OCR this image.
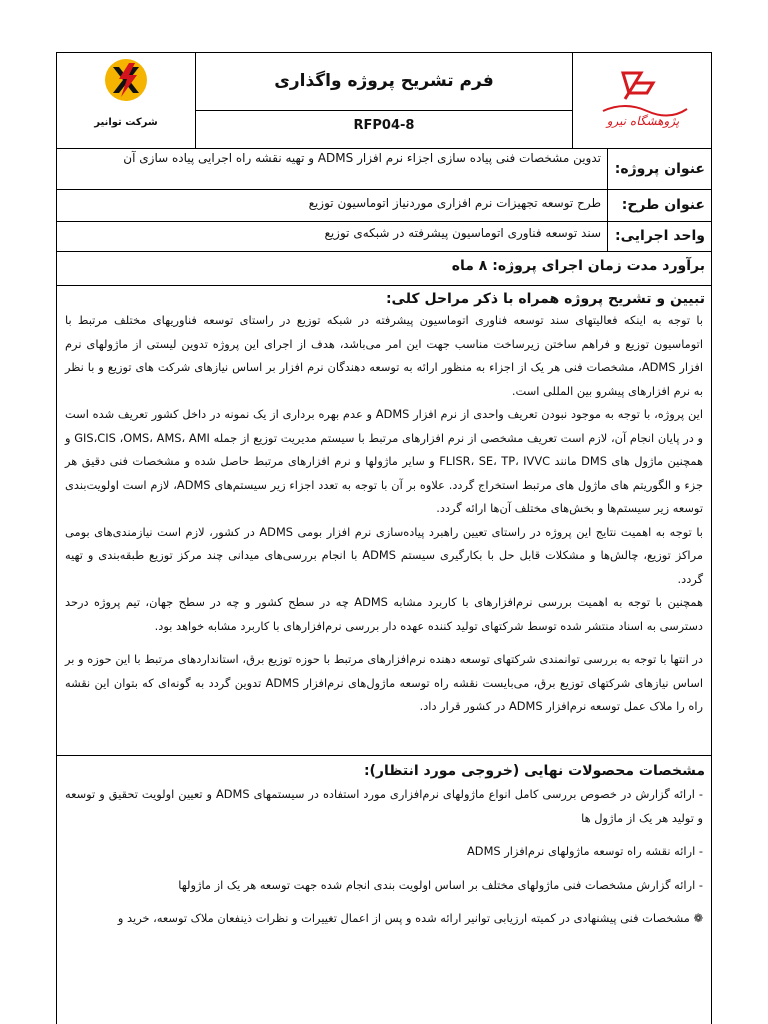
شرکت توانیر
فرم تشریح پروژه واگذاری
RFP04-8	پژوهشگاه نیرو
عنوان پروژه:
تدوین مشخصات فنی پیاده سازی اجزاء نرم افزار ADMS و تهیه نقشه راه اجرایی پیاده سازی آن
عنوان طرح:
طرح توسعه تجهیزات نرم افزاری موردنیاز اتوماسیون توزیع
واحد اجرایی:
سند توسعه فناوری اتوماسیون پیشرفته در شبکه‌ی توزیع
برآورد مدت زمان اجرای پروژه: ۸ ماه
تبیین و تشریح پروژه همراه با ذکر مراحل کلی:

با توجه به اینکه فعالیتهای سند توسعه فناوری اتوماسیون پیشرفته در شبکه توزیع در راستای توسعه فناوریهای مختلف مرتبط با اتوماسیون توزیع و فراهم ساختن زیرساخت مناسب جهت این امر می‌باشد، هدف از اجرای این پروژه تدوین لیستی از ماژولهای نرم افزار ADMS، مشخصات فنی هر یک از اجزاء به منظور ارائه به توسعه دهندگان نرم افزار بر اساس نیازهای شرکت های توزیع و با نظر به نرم افزارهای پیشرو بین المللی است.

این پروژه، با توجه به موجود نبودن تعریف واحدی از نرم افزار ADMS و عدم بهره برداری از یک نمونه در داخل کشور تعریف شده است و در پایان انجام آن، لازم است تعریف مشخصی از نرم افزارهای مرتبط با سیستم مدیریت توزیع از جمله GIS،CIS ،OMS، AMS، AMI و همچنین ماژول های DMS مانند FLISR، SE، TP، IVVC و سایر ماژولها و نرم افزارهای مرتبط حاصل شده و مشخصات فنی دقیق هر جزء و الگوریتم های ماژول های مرتبط استخراج گردد. علاوه بر آن با توجه به تعدد اجزاء زیر سیستم‌های ADMS، لازم است اولویت‌بندی توسعه زیر سیستم‌ها و بخش‌های مختلف آن‌ها ارائه گردد.

با توجه به اهمیت نتایج این پروژه در راستای تعیین راهبرد پیاده‌سازی نرم افزار بومی ADMS در کشور، لازم است نیازمندی‌های بومی مراکز توزیع، چالش‌ها و مشکلات قابل حل با بکارگیری سیستم ADMS با انجام بررسی‌های میدانی چند مرکز توزیع طبقه‌بندی و تهیه گردد.

همچنین با توجه به اهمیت بررسی نرم‌افزارهای با کاربرد مشابه ADMS چه در سطح کشور و چه در سطح جهان، تیم پروژه درحد دسترسی به اسناد منتشر شده توسط شرکتهای تولید کننده عهده دار بررسی نرم‌افزارهای با کاربرد مشابه خواهد بود.

در انتها با توجه به بررسی توانمندی شرکتهای توسعه دهنده نرم‌افزارهای مرتبط با حوزه توزیع برق، استانداردهای مرتبط با این حوزه و بر اساس نیازهای شرکتهای توزیع برق، می‌بایست نقشه راه توسعه ماژول‌های نرم‌افزار ADMS تدوین گردد به گونه‌ای که بتوان این نقشه راه را ملاک عمل توسعه نرم‌افزار ADMS در کشور قرار داد.

مشخصات محصولات نهایی (خروجی مورد انتظار):

- ارائه گزارش در خصوص بررسی کامل انواع ماژولهای نرم‌افزاری مورد استفاده در سیستمهای ADMS و تعیین اولویت تحقیق و توسعه و تولید هر یک از ماژول ها

- ارائه نقشه راه توسعه ماژولهای نرم‌افزار ADMS

- ارائه گزارش مشخصات فنی ماژولهای مختلف بر اساس اولویت بندی انجام شده جهت توسعه هر یک از ماژولها

❁ مشخصات فنی پیشنهادی در کمیته ارزیابی توانیر ارائه شده و پس از اعمال تغییرات و نظرات ذینفعان ملاک توسعه، خرید و
